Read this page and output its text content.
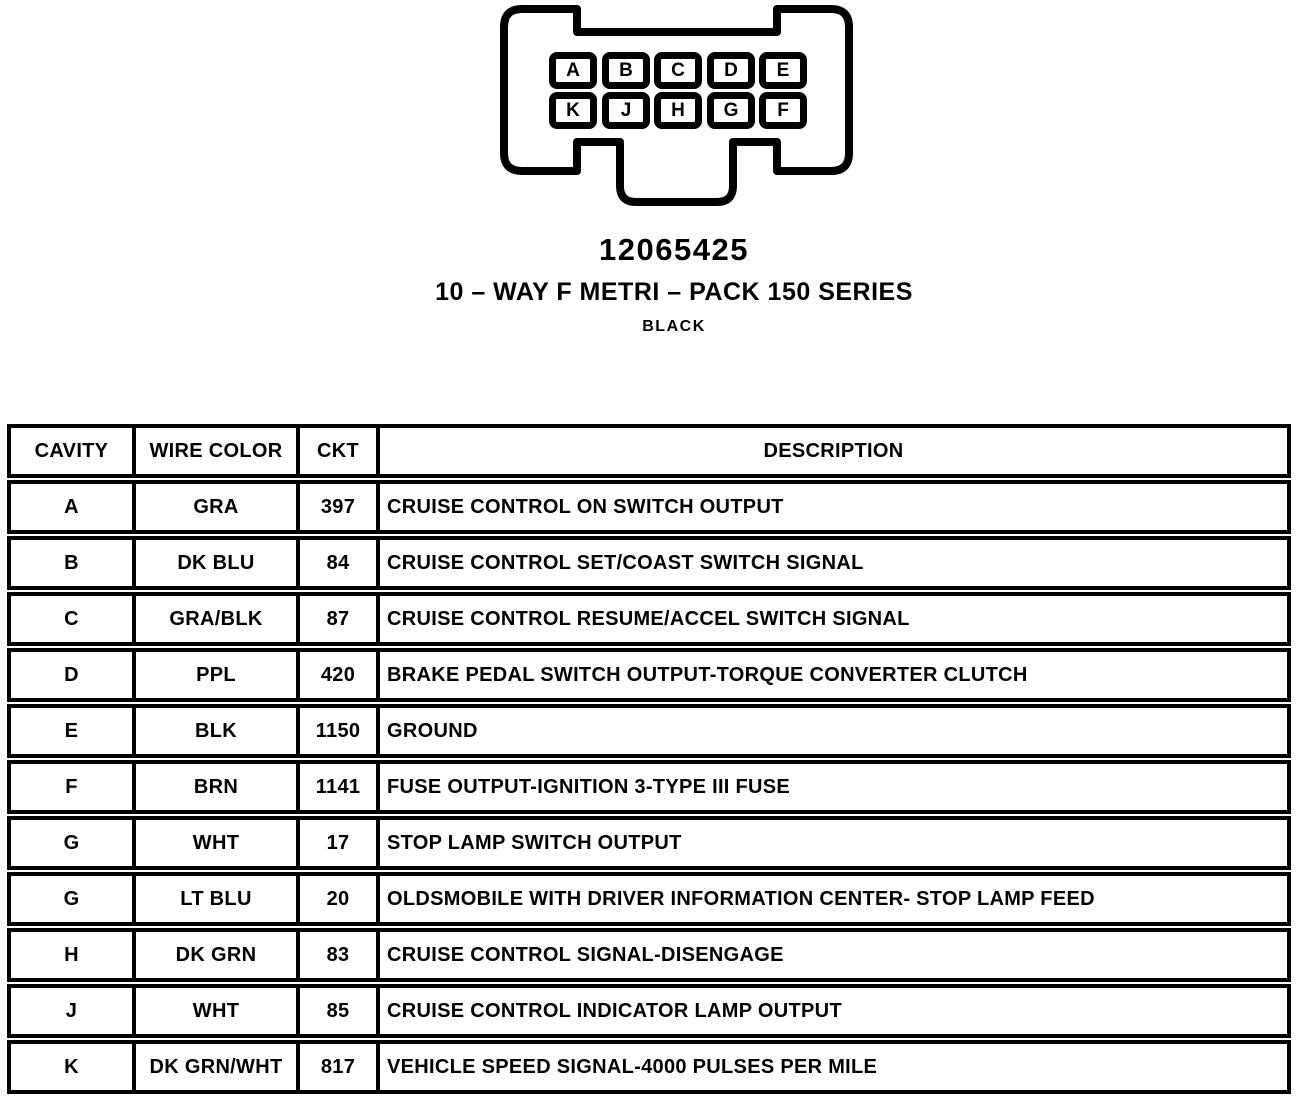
A	B	C	D	E
K	J	H	G	F
12065425
10 – WAY F METRI – PACK 150 SERIES
BLACK
CAVITY	WIRE COLOR	CKT	DESCRIPTION
A	GRA	397	CRUISE CONTROL ON SWITCH OUTPUT
B	DK BLU	84	CRUISE CONTROL SET/COAST SWITCH SIGNAL
C	GRA/BLK	87	CRUISE CONTROL RESUME/ACCEL SWITCH SIGNAL
D	PPL	420	BRAKE PEDAL SWITCH OUTPUT-TORQUE CONVERTER CLUTCH
E	BLK	1150	GROUND
F	BRN	1141	FUSE OUTPUT-IGNITION 3-TYPE III FUSE
G	WHT	17	STOP LAMP SWITCH OUTPUT
G	LT BLU	20	OLDSMOBILE WITH DRIVER INFORMATION CENTER- STOP LAMP FEED
H	DK GRN	83	CRUISE CONTROL SIGNAL-DISENGAGE
J	WHT	85	CRUISE CONTROL INDICATOR LAMP OUTPUT
K	DK GRN/WHT	817	VEHICLE SPEED SIGNAL-4000 PULSES PER MILE
